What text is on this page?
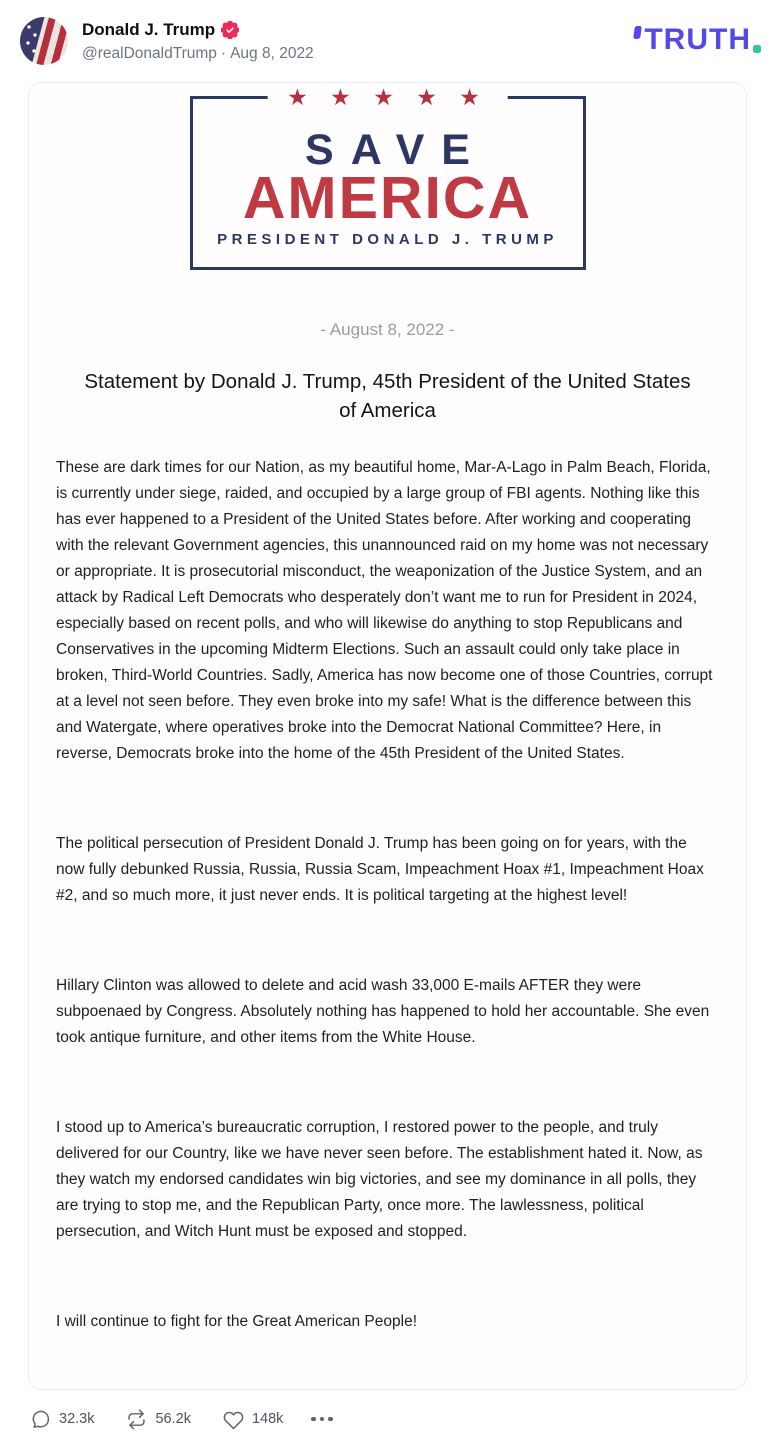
Donald J. Trump
@realDonaldTrump · Aug 8, 2022	TRUTH
★ ★ ★ ★ ★
SAVE
AMERICA
PRESIDENT DONALD J. TRUMP
- August 8, 2022 -
Statement by Donald J. Trump, 45th President of the United States of America

These are dark times for our Nation, as my beautiful home, Mar-A-Lago in Palm Beach, Florida, is currently under siege, raided, and occupied by a large group of FBI agents. Nothing like this has ever happened to a President of the United States before. After working and cooperating with the relevant Government agencies, this unannounced raid on my home was not necessary or appropriate. It is prosecutorial misconduct, the weaponization of the Justice System, and an attack by Radical Left Democrats who desperately don’t want me to run for President in 2024, especially based on recent polls, and who will likewise do anything to stop Republicans and Conservatives in the upcoming Midterm Elections. Such an assault could only take place in broken, Third-World Countries. Sadly, America has now become one of those Countries, corrupt at a level not seen before. They even broke into my safe! What is the difference between this and Watergate, where operatives broke into the Democrat National Committee? Here, in reverse, Democrats broke into the home of the 45th President of the United States.

The political persecution of President Donald J. Trump has been going on for years, with the now fully debunked Russia, Russia, Russia Scam, Impeachment Hoax #1, Impeachment Hoax #2, and so much more, it just never ends. It is political targeting at the highest level!

Hillary Clinton was allowed to delete and acid wash 33,000 E-mails AFTER they were subpoenaed by Congress. Absolutely nothing has happened to hold her accountable. She even took antique furniture, and other items from the White House.

I stood up to America’s bureaucratic corruption, I restored power to the people, and truly delivered for our Country, like we have never seen before. The establishment hated it. Now, as they watch my endorsed candidates win big victories, and see my dominance in all polls, they are trying to stop me, and the Republican Party, once more. The lawlessness, political persecution, and Witch Hunt must be exposed and stopped.

I will continue to fight for the Great American People!

32.3k	56.2k	148k
